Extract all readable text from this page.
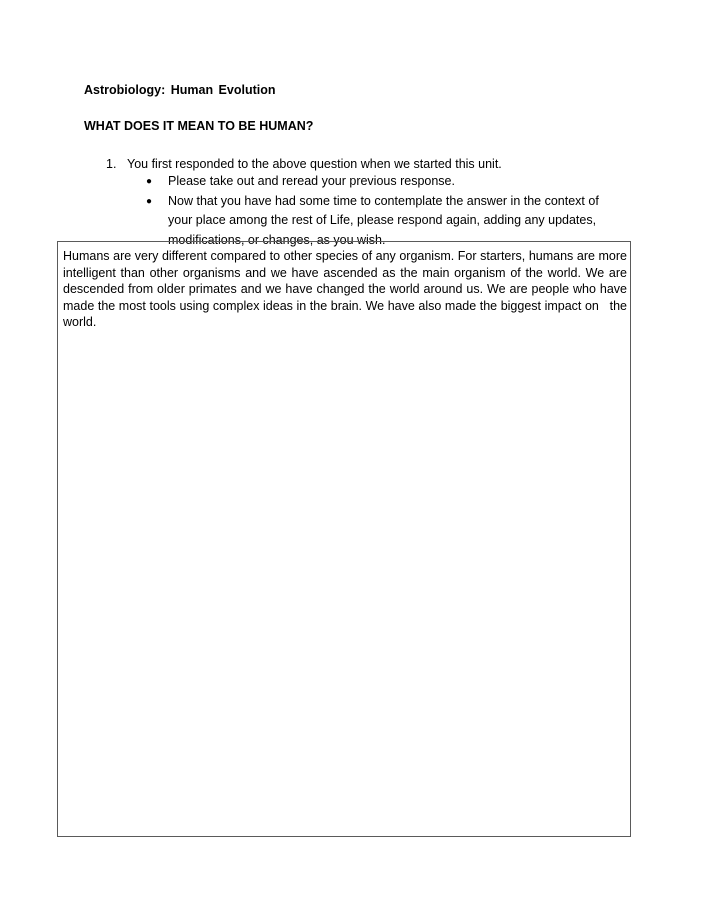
Astrobiology: Human Evolution
WHAT DOES IT MEAN TO BE HUMAN?
1. You first responded to the above question when we started this unit.
● Please take out and reread your previous response.
● Now that you have had some time to contemplate the answer in the context of your place among the rest of Life, please respond again, adding any updates, modifications, or changes, as you wish.
Humans are very different compared to other species of any organism. For starters, humans are more intelligent than other organisms and we have ascended as the main organism of the world. We are descended from older primates and we have changed the world around us. We are people who have made the most tools using complex ideas in the brain. We have also made the biggest impact on   the  world.
